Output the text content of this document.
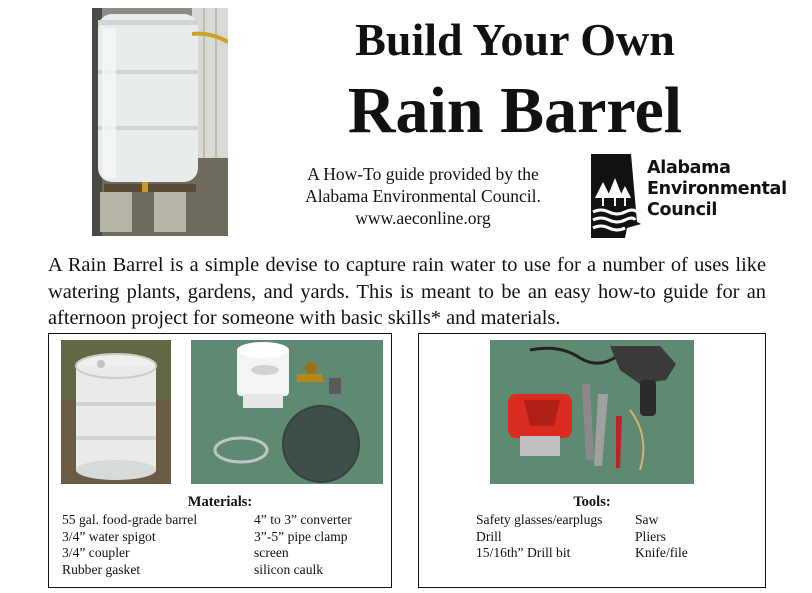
Build Your Own
Rain Barrel
A How-To guide provided by the
Alabama Environmental Council.
www.aeconline.org
Alabama
Environmental
Council
A Rain Barrel is a simple devise to capture rain water to use for a number of uses like watering plants, gardens, and yards. This is meant to be an easy how-to guide for an afternoon project for someone with basic skills* and materials.
Materials:
55 gal. food-grade barrel
3/4” water spigot
3/4” coupler
Rubber gasket
4” to 3” converter
3”-5” pipe clamp
screen
silicon caulk
Tools:
Safety glasses/earplugs
Drill
15/16th” Drill bit
Saw
Pliers
Knife/file
